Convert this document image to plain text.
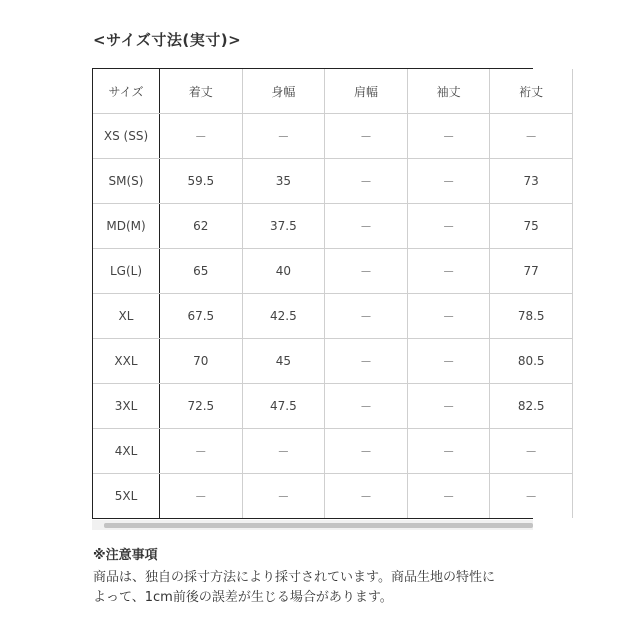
<サイズ寸法(実寸)>
サイズ	着丈	身幅	肩幅	袖丈	裄丈
XS (SS)	－	－	－	－	－
SM(S)	59.5	35	－	－	73
MD(M)	62	37.5	－	－	75
LG(L)	65	40	－	－	77
XL	67.5	42.5	－	－	78.5
XXL	70	45	－	－	80.5
3XL	72.5	47.5	－	－	82.5
4XL	－	－	－	－	－
5XL	－	－	－	－	－
※注意事項
商品は、独自の採寸方法により採寸されています。商品生地の特性に
よって、1cm前後の誤差が生じる場合があります。
